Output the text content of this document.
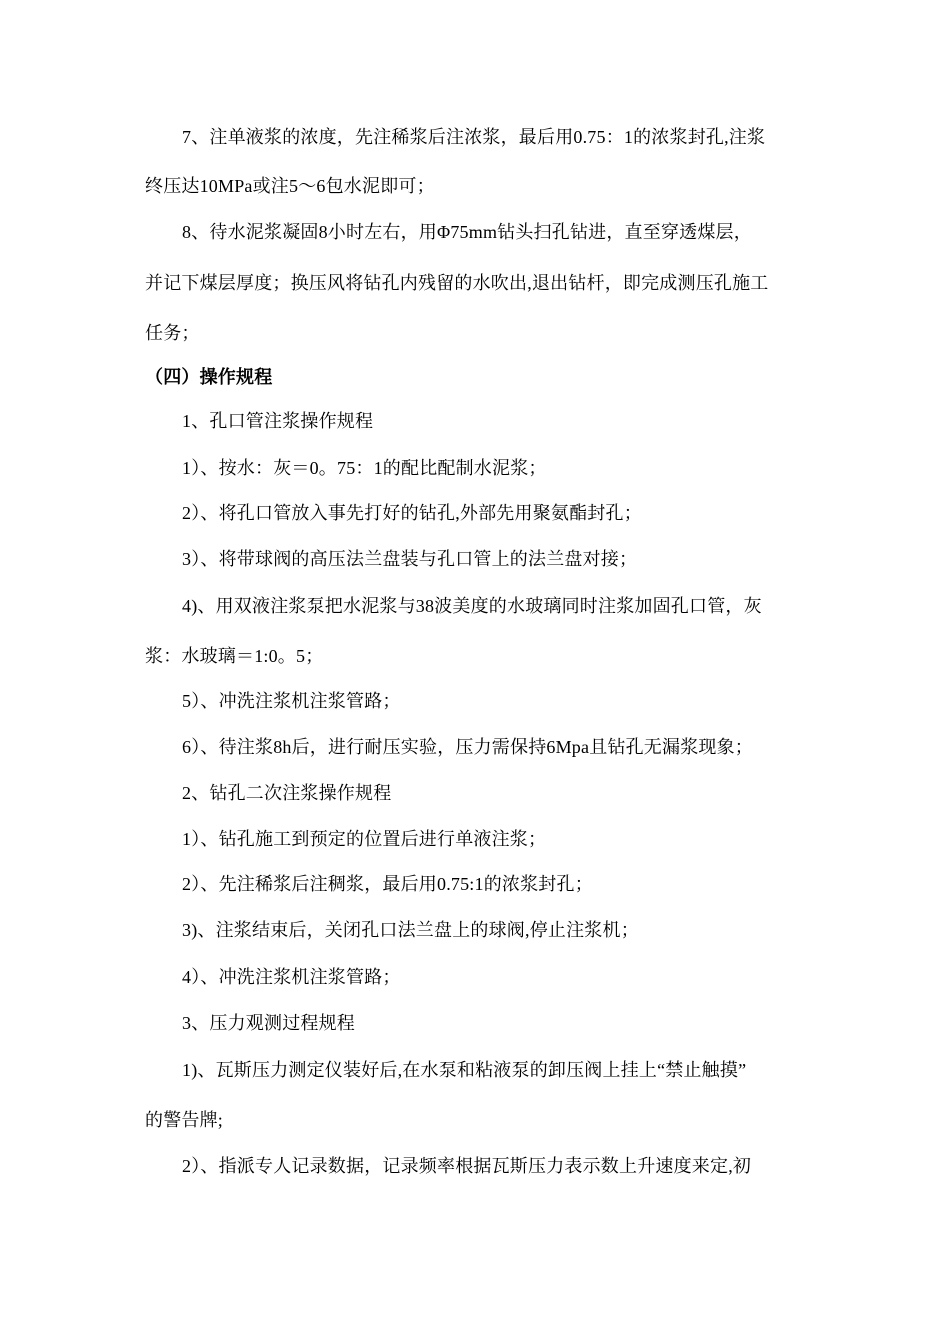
7、注单液浆的浓度，先注稀浆后注浓浆，最后用0.75：1的浓浆封孔,注浆
终压达10MPa或注5～6包水泥即可；
8、待水泥浆凝固8小时左右，用Φ75mm钻头扫孔钻进，直至穿透煤层，
并记下煤层厚度；换压风将钻孔内残留的水吹出,退出钻杆，即完成测压孔施工
任务；
（四）操作规程
1、孔口管注浆操作规程
1）、按水：灰＝0。75：1的配比配制水泥浆；
2）、将孔口管放入事先打好的钻孔,外部先用聚氨酯封孔；
3）、将带球阀的高压法兰盘装与孔口管上的法兰盘对接；
4)、用双液注浆泵把水泥浆与38波美度的水玻璃同时注浆加固孔口管，灰
浆：水玻璃＝1:0。5；
5）、冲洗注浆机注浆管路；
6）、待注浆8h后，进行耐压实验，压力需保持6Mpa且钻孔无漏浆现象；
2、钻孔二次注浆操作规程
1）、钻孔施工到预定的位置后进行单液注浆；
2）、先注稀浆后注稠浆，最后用0.75:1的浓浆封孔；
3)、注浆结束后，关闭孔口法兰盘上的球阀,停止注浆机；
4）、冲洗注浆机注浆管路；
3、压力观测过程规程
1)、瓦斯压力测定仪装好后,在水泵和粘液泵的卸压阀上挂上“禁止触摸”
的警告牌;
2）、指派专人记录数据，记录频率根据瓦斯压力表示数上升速度来定,初
